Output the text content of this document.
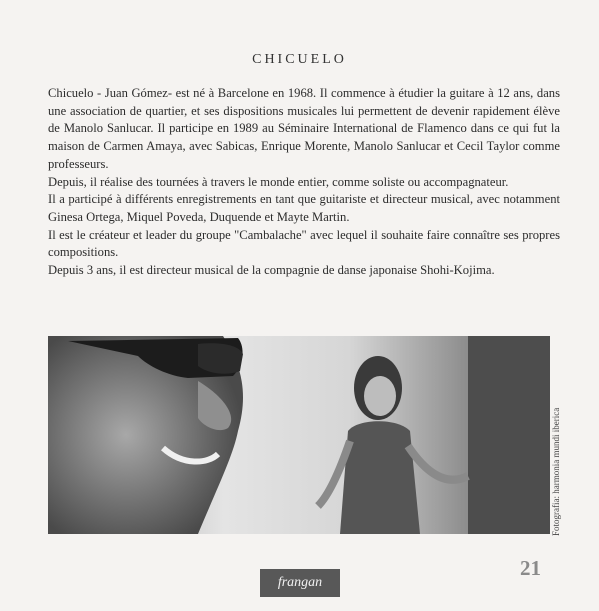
CHICUELO

Chicuelo - Juan Gómez- est né à Barcelone en 1968. Il commence à étudier la guitare à 12 ans, dans une association de quartier, et ses dispositions musicales lui permettent de devenir rapidement élève de Manolo Sanlucar. Il participe en 1989 au Séminaire International de Flamenco dans ce qui fut la maison de Carmen Amaya, avec Sabicas, Enrique Morente, Manolo Sanlucar et Cecil Taylor comme professeurs.

Depuis, il réalise des tournées à travers le monde entier, comme soliste ou accompagnateur.

Il a participé à différents enregistrements en tant que guitariste et directeur musical, avec notamment Ginesa Ortega, Miquel Poveda, Duquende et Mayte Martin.

Il est le créateur et leader du groupe "Cambalache" avec lequel il souhaite faire connaître ses propres compositions.

Depuis 3 ans, il est directeur musical de la compagnie de danse japonaise Shohi-Kojima.

Fotografia: harmonia mundi iberica
21
frangan
